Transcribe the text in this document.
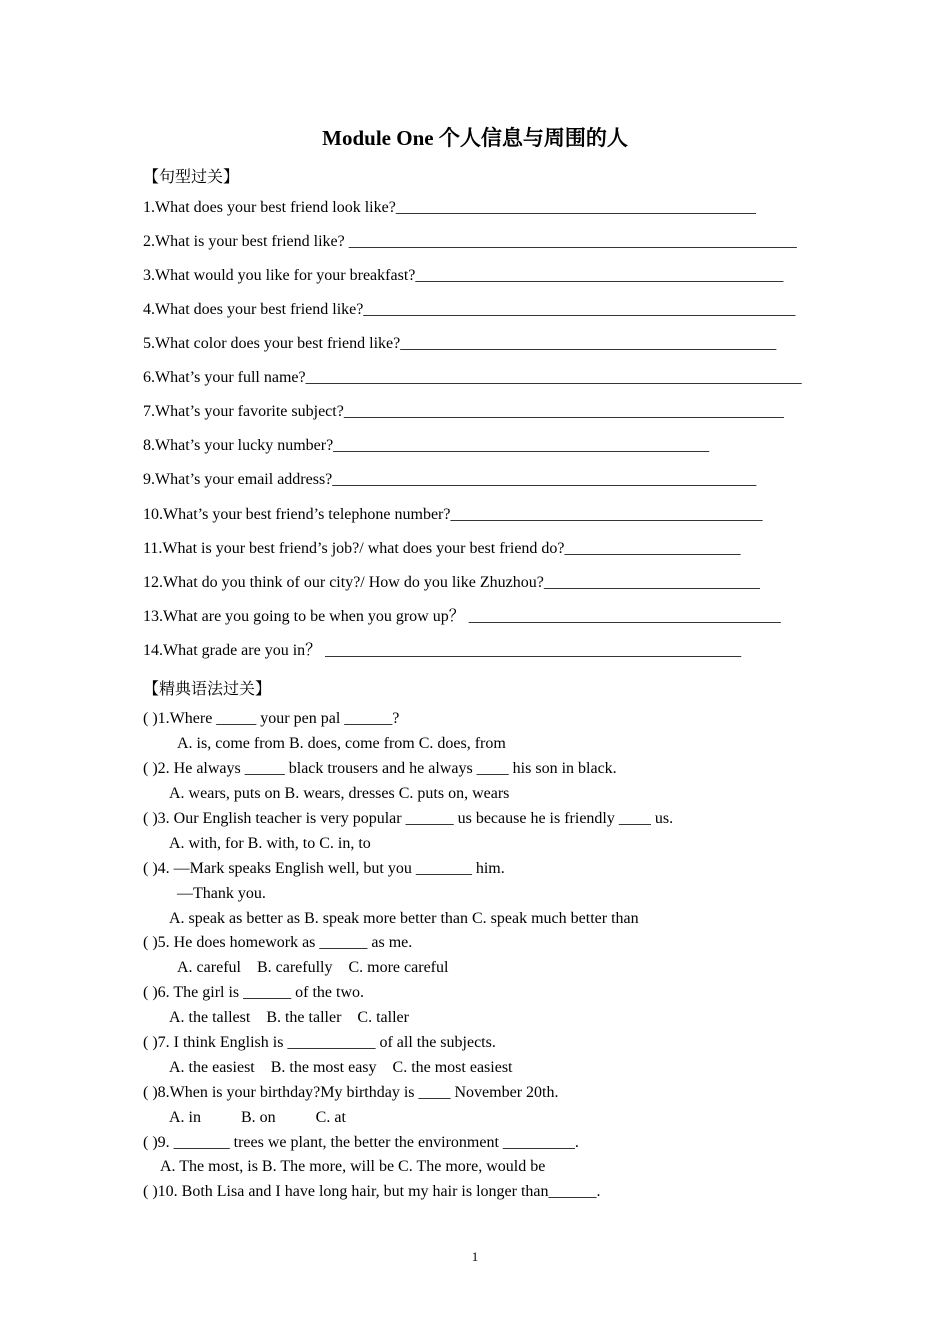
Module One 个人信息与周围的人
【句型过关】
1.What does your best friend look like?_____________________________________________
2.What is your best friend like? ________________________________________________________
3.What would you like for your breakfast?______________________________________________
4.What does your best friend like?______________________________________________________
5.What color does your best friend like?_______________________________________________
6.What’s your full name?______________________________________________________________
7.What’s your favorite subject?_______________________________________________________
8.What’s your lucky number?_______________________________________________
9.What’s your email address?_____________________________________________________
10.What’s your best friend’s telephone number?_______________________________________
11.What is your best friend’s job?/ what does your best friend do?______________________
12.What do you think of our city?/ How do you like Zhuzhou?___________________________
13.What are you going to be when you grow up？ _______________________________________
14.What grade are you in？ ____________________________________________________
【精典语法过关】
( )1.Where _____ your pen pal ______?
A. is, come from B. does, come from C. does, from
( )2. He always _____ black trousers and he always ____ his son in black.
A. wears, puts on B. wears, dresses C. puts on, wears
( )3. Our English teacher is very popular ______ us because he is friendly ____ us.
A. with, for B. with, to C. in, to
( )4. —Mark speaks English well, but you _______ him.
—Thank you.
A. speak as better as B. speak more better than C. speak much better than
( )5. He does homework as ______ as me.
A. careful    B. carefully    C. more careful
( )6. The girl is ______ of the two.
A. the tallest    B. the taller    C. taller
( )7. I think English is ___________ of all the subjects.
A. the easiest    B. the most easy    C. the most easiest
( )8.When is your birthday?My birthday is ____ November 20th.
A. in          B. on          C. at
( )9. _______ trees we plant, the better the environment _________.
A. The most, is B. The more, will be C. The more, would be
( )10. Both Lisa and I have long hair, but my hair is longer than______.
1
